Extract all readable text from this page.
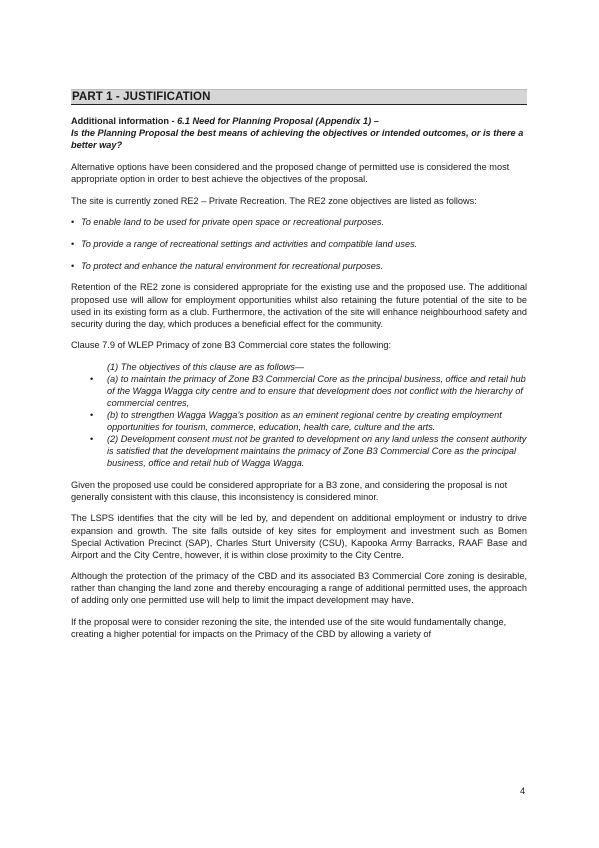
PART 1 - JUSTIFICATION
Additional information - 6.1 Need for Planning Proposal (Appendix 1) –
Is the Planning Proposal the best means of achieving the objectives or intended outcomes, or is there a better way?

Alternative options have been considered and the proposed change of permitted use is considered the most appropriate option in order to best achieve the objectives of the proposal.

The site is currently zoned RE2 – Private Recreation. The RE2 zone objectives are listed as follows:

• To enable land to be used for private open space or recreational purposes.
• To provide a range of recreational settings and activities and compatible land uses.
• To protect and enhance the natural environment for recreational purposes.

Retention of the RE2 zone is considered appropriate for the existing use and the proposed use. The additional proposed use will allow for employment opportunities whilst also retaining the future potential of the site to be used in its existing form as a club. Furthermore, the activation of the site will enhance neighbourhood safety and security during the day, which produces a beneficial effect for the community.

Clause 7.9 of WLEP Primacy of zone B3 Commercial core states the following:

(1) The objectives of this clause are as follows—
• (a) to maintain the primacy of Zone B3 Commercial Core as the principal business, office and retail hub of the Wagga Wagga city centre and to ensure that development does not conflict with the hierarchy of commercial centres,
• (b) to strengthen Wagga Wagga’s position as an eminent regional centre by creating employment opportunities for tourism, commerce, education, health care, culture and the arts.
• (2) Development consent must not be granted to development on any land unless the consent authority is satisfied that the development maintains the primacy of Zone B3 Commercial Core as the principal business, office and retail hub of Wagga Wagga.

Given the proposed use could be considered appropriate for a B3 zone, and considering the proposal is not generally consistent with this clause, this inconsistency is considered minor.

The LSPS identifies that the city will be led by, and dependent on additional employment or industry to drive expansion and growth. The site falls outside of key sites for employment and investment such as Bomen Special Activation Precinct (SAP), Charles Sturt University (CSU), Kapooka Army Barracks, RAAF Base and Airport and the City Centre, however, it is within close proximity to the City Centre.

Although the protection of the primacy of the CBD and its associated B3 Commercial Core zoning is desirable, rather than changing the land zone and thereby encouraging a range of additional permitted uses, the approach of adding only one permitted use will help to limit the impact development may have.

If the proposal were to consider rezoning the site, the intended use of the site would fundamentally change, creating a higher potential for impacts on the Primacy of the CBD by allowing a variety of

4
